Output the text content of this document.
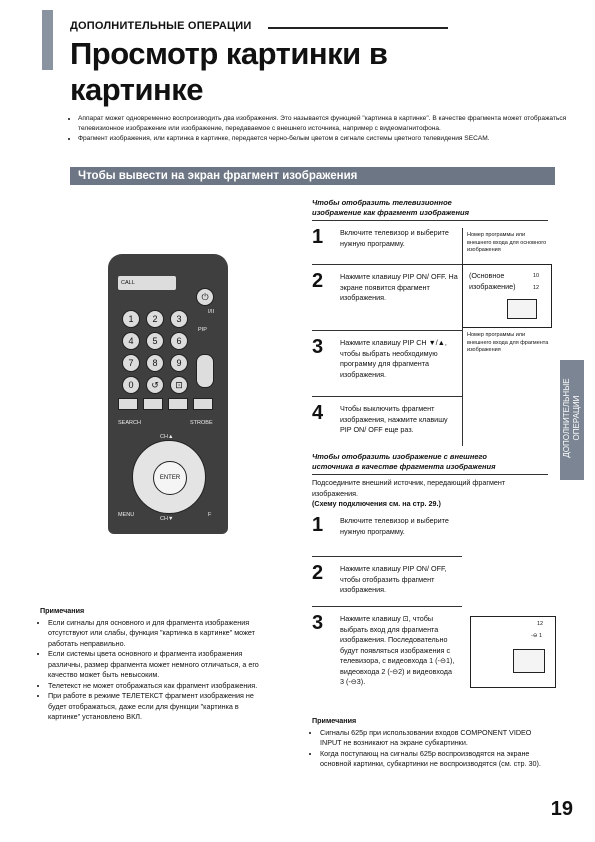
ДОПОЛНИТЕЛЬНЫЕ ОПЕРАЦИИ
Просмотр картинки в
картинке
• Аппарат может одновременно воспроизводить два изображения. Это называется функцией "картинка в картинке". В качестве фрагмента может отображаться телевизионное изображение или изображение, передаваемое с внешнего источника, например с видеомагнитофона.
• Фрагмент изображения, или картинка в картинке, передается черно-белым цветом в сигнале системы цветного телевидения SECAM.
Чтобы вывести на экран фрагмент изображения
ДОПОЛНИТЕЛЬНЫЕ ОПЕРАЦИИ
CALL
⏻
I/II
1	2	3
PIP
4	5	6
7	8	9
0	↺	⊡
SEARCH	STROBE
CH▲
ENTER
MENU
CH▼
F
Чтобы отобразить телевизионное
изображение как фрагмент изображения
1 Включите телевизор и выберите нужную программу.
2 Нажмите клавишу PIP ON/ OFF. На экране появится фрагмент изображения.
3 Нажмите клавишу PIP CH ▼/▲, чтобы выбрать необходимую программу для фрагмента изображения.
4 Чтобы выключить фрагмент изображения, нажмите клавишу PIP ON/ OFF еще раз.
Номер программы или внешнего входа для основного изображения
(Основное изображение)
10
12
Номер программы или внешнего входа для фрагмента изображения
Чтобы отобразить изображение с внешнего
источника в качестве фрагмента изображения
Подсоедините внешний источник, передающий фрагмент изображения.
(Схему подключения см. на стр. 29.)
1 Включите телевизор и выберите нужную программу.
2 Нажмите клавишу PIP ON/ OFF, чтобы отобразить фрагмент изображения.
3 Нажмите клавишу ⊡, чтобы выбрать вход для фрагмента изображения. Последовательно будут появляться изображения с телевизора, с видеовхода 1 (-⊖1), видеовхода 2 (-⊖2) и видеовхода 3 (-⊖3).
12
-⊖ 1
Примечания
• Если сигналы для основного и для фрагмента изображения отсутствуют или слабы, функция "картинка в картинке" может работать неправильно.
• Если системы цвета основного и фрагмента изображения различны, размер фрагмента может немного отличаться, а его качество может быть невысоким.
• Телетекст не может отображаться как фрагмент изображения.
• При работе в режиме ТЕЛЕТЕКСТ фрагмент изображения не будет отображаться, даже если для функции "картинка в картинке" установлено ВКЛ.	Примечания
• Сигналы 625р при использовании входов COMPONENT VIDEO INPUT не возникают на экране субкартинки.
• Когда поступающ на сигналы 625р воспроизводятся на экране основной картинки, субкартинки не воспроизводятся (см. стр. 30).
19
